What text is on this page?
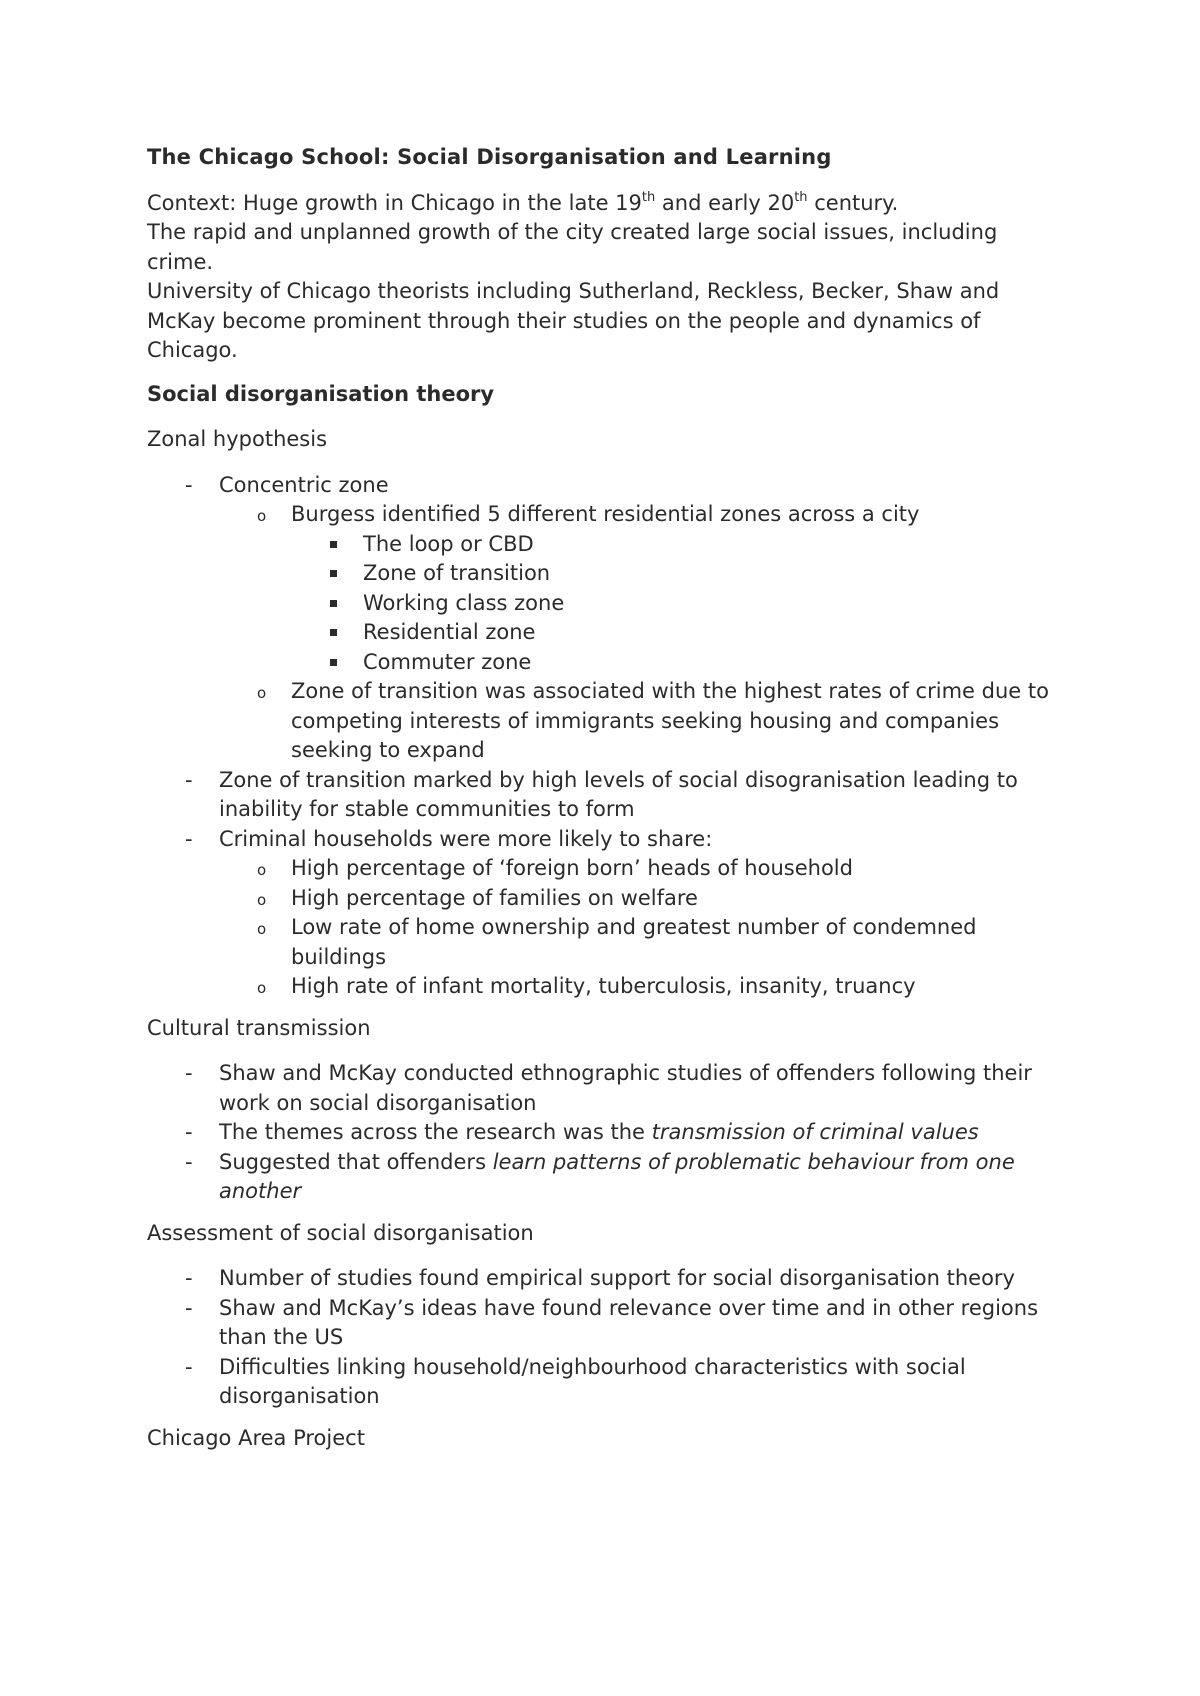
The Chicago School: Social Disorganisation and Learning

Context: Huge growth in Chicago in the late 19th and early 20th century.

The rapid and unplanned growth of the city created large social issues, including crime.

University of Chicago theorists including Sutherland, Reckless, Becker, Shaw and McKay become prominent through their studies on the people and dynamics of Chicago.

Social disorganisation theory

Zonal hypothesis

- Concentric zone
o Burgess identified 5 different residential zones across a city
The loop or CBD
Zone of transition
Working class zone
Residential zone
Commuter zone
o Zone of transition was associated with the highest rates of crime due to competing interests of immigrants seeking housing and companies seeking to expand
- Zone of transition marked by high levels of social disogranisation leading to inability for stable communities to form
- Criminal households were more likely to share:
o High percentage of ‘foreign born’ heads of household
o High percentage of families on welfare
o Low rate of home ownership and greatest number of condemned buildings
o High rate of infant mortality, tuberculosis, insanity, truancy

Cultural transmission

- Shaw and McKay conducted ethnographic studies of offenders following their work on social disorganisation
- The themes across the research was the transmission of criminal values
- Suggested that offenders learn patterns of problematic behaviour from one another

Assessment of social disorganisation

- Number of studies found empirical support for social disorganisation theory
- Shaw and McKay’s ideas have found relevance over time and in other regions than the US
- Difficulties linking household/neighbourhood characteristics with social disorganisation

Chicago Area Project
